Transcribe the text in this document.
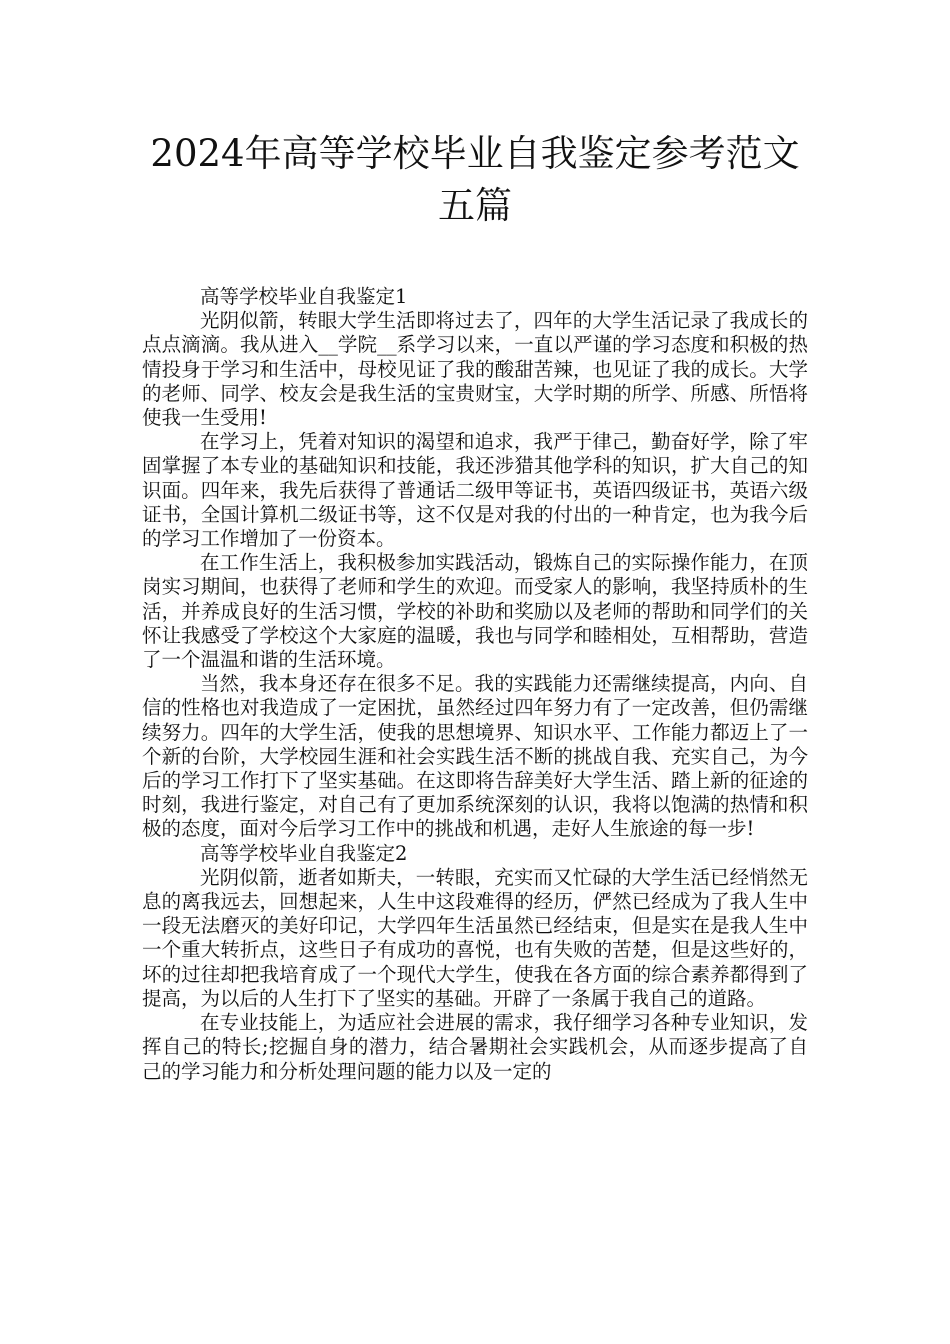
2024年高等学校毕业自我鉴定参考范文五篇

高等学校毕业自我鉴定1

光阴似箭，转眼大学生活即将过去了，四年的大学生活记录了我成长的点点滴滴。我从进入__学院__系学习以来，一直以严谨的学习态度和积极的热情投身于学习和生活中，母校见证了我的酸甜苦辣，也见证了我的成长。大学的老师、同学、校友会是我生活的宝贵财宝，大学时期的所学、所感、所悟将使我一生受用!

在学习上，凭着对知识的渴望和追求，我严于律己，勤奋好学，除了牢固掌握了本专业的基础知识和技能，我还涉猎其他学科的知识，扩大自己的知识面。四年来，我先后获得了普通话二级甲等证书，英语四级证书，英语六级证书，全国计算机二级证书等，这不仅是对我的付出的一种肯定，也为我今后的学习工作增加了一份资本。

在工作生活上，我积极参加实践活动，锻炼自己的实际操作能力，在顶岗实习期间，也获得了老师和学生的欢迎。而受家人的影响，我坚持质朴的生活，并养成良好的生活习惯，学校的补助和奖励以及老师的帮助和同学们的关怀让我感受了学校这个大家庭的温暖，我也与同学和睦相处，互相帮助，营造了一个温温和谐的生活环境。

当然，我本身还存在很多不足。我的实践能力还需继续提高，内向、自信的性格也对我造成了一定困扰，虽然经过四年努力有了一定改善，但仍需继续努力。四年的大学生活，使我的思想境界、知识水平、工作能力都迈上了一个新的台阶，大学校园生涯和社会实践生活不断的挑战自我、充实自己，为今后的学习工作打下了坚实基础。在这即将告辞美好大学生活、踏上新的征途的时刻，我进行鉴定，对自己有了更加系统深刻的认识，我将以饱满的热情和积极的态度，面对今后学习工作中的挑战和机遇，走好人生旅途的每一步!

高等学校毕业自我鉴定2

光阴似箭，逝者如斯夫，一转眼，充实而又忙碌的大学生活已经悄然无息的离我远去，回想起来，人生中这段难得的经历，俨然已经成为了我人生中一段无法磨灭的美好印记，大学四年生活虽然已经结束，但是实在是我人生中一个重大转折点，这些日子有成功的喜悦，也有失败的苦楚，但是这些好的，坏的过往却把我培育成了一个现代大学生，使我在各方面的综合素养都得到了提高，为以后的人生打下了坚实的基础。开辟了一条属于我自己的道路。

在专业技能上，为适应社会进展的需求，我仔细学习各种专业知识，发挥自己的特长;挖掘自身的潜力，结合暑期社会实践机会，从而逐步提高了自己的学习能力和分析处理问题的能力以及一定的
